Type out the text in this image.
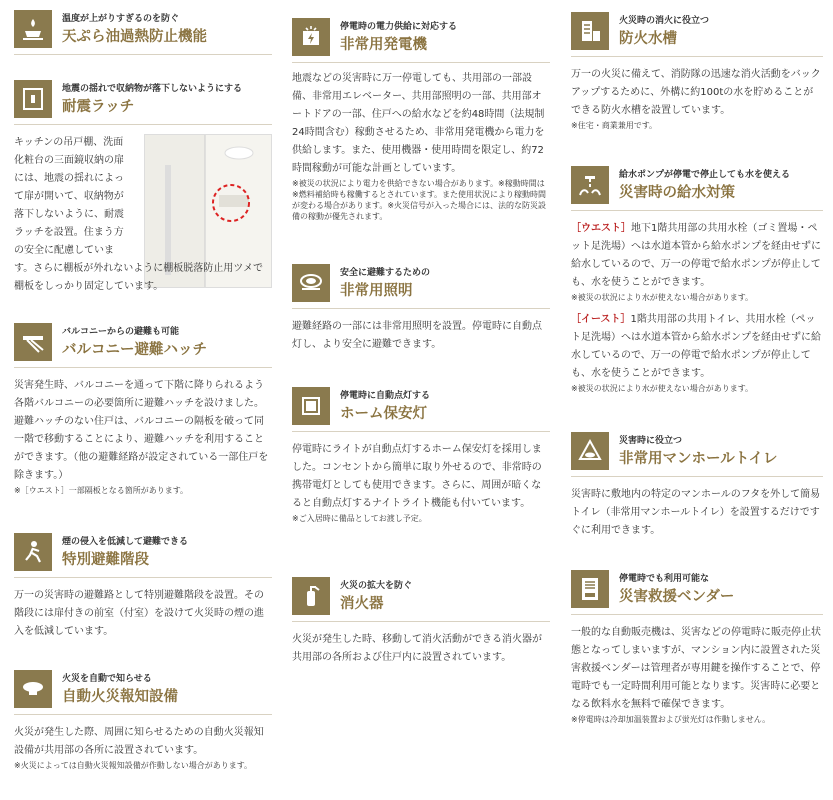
温度が上がりすぎるのを防ぐ
天ぷら油過熱防止機能
地震の揺れで収納物が落下しないようにする
耐震ラッチ
キッチンの吊戸棚、洗面
化粧台の三面鏡収納の扉
には、地震の揺れによっ
て扉が開いて、収納物が
落下しないように、耐震
ラッチを設置。住まう方
の安全に配慮していま
す。さらに棚板が外れないように棚板脱落防止用ツメで棚板をしっかり固定しています。
バルコニーからの避難も可能
バルコニー避難ハッチ
災害発生時、バルコニーを通って下階に降りられるよう各階バルコニーの必要箇所に避難ハッチを設けました。避難ハッチのない住戸は、バルコニーの隔板を破って同一階で移動することにより、避難ハッチを利用することができます。（他の避難経路が設定されている一部住戸を除きます。）
※［ウエスト］一部隔板となる箇所があります。
煙の侵入を低減して避難できる
特別避難階段
万一の災害時の避難路として特別避難階段を設置。その階段には扉付きの前室（付室）を設けて火災時の煙の進入を低減しています。
火災を自動で知らせる
自動火災報知設備
火災が発生した際、周囲に知らせるための自動火災報知設備が共用部の各所に設置されています。
※火災によっては自動火災報知設備が作動しない場合があります。
停電時の電力供給に対応する
非常用発電機
地震などの災害時に万一停電しても、共用部の一部設備、非常用エレベーター、共用部照明の一部、共用部オートドアの一部、住戸への給水などを約48時間（法規制24時間含む）稼動させるため、非常用発電機から電力を供給します。また、使用機器・使用時間を限定し、約72時間稼動が可能な計画としています。
※被災の状況により電力を供給できない場合があります。※稼動時間は※燃料補給時も稼働するとされています。また使用状況により稼動時間が変わる場合があります。※火災信号が入った場合には、法的な防災設備の稼動が優先されます。
安全に避難するための
非常用照明
避難経路の一部には非常用照明を設置。停電時に自動点灯し、より安全に避難できます。
停電時に自動点灯する
ホーム保安灯
停電時にライトが自動点灯するホーム保安灯を採用しました。コンセントから簡単に取り外せるので、非常時の携帯電灯としても使用できます。さらに、周囲が暗くなると自動点灯するナイトライト機能も付いています。
※ご入居時に備品としてお渡し予定。
火災の拡大を防ぐ
消火器
火災が発生した時、移動して消火活動ができる消火器が共用部の各所および住戸内に設置されています。
火災時の消火に役立つ
防火水槽
万一の火災に備えて、消防隊の迅速な消火活動をバックアップするために、外構に約100tの水を貯めることができる防火水槽を設置しています。
※住宅・商業兼用です。
給水ポンプが停電で停止しても水を使える
災害時の給水対策
［ウエスト］地下1階共用部の共用水栓（ゴミ置場・ペット足洗場）へは水道本管から給水ポンプを経由せずに給水しているので、万一の停電で給水ポンプが停止しても、水を使うことができます。
※被災の状況により水が使えない場合があります。
［イースト］1階共用部の共用トイレ、共用水栓（ペット足洗場）へは水道本管から給水ポンプを経由せずに給水しているので、万一の停電で給水ポンプが停止しても、水を使うことができます。
※被災の状況により水が使えない場合があります。
災害時に役立つ
非常用マンホールトイレ
災害時に敷地内の特定のマンホールのフタを外して簡易トイレ（非常用マンホールトイレ）を設置するだけですぐに利用できます。
停電時でも利用可能な
災害救援ベンダー
一般的な自動販売機は、災害などの停電時に販売停止状態となってしまいますが、マンション内に設置された災害救援ベンダーは管理者が専用鍵を操作することで、停電時でも一定時間利用可能となります。災害時に必要となる飲料水を無料で確保できます。
※停電時は冷却加温装置および蛍光灯は作動しません。
